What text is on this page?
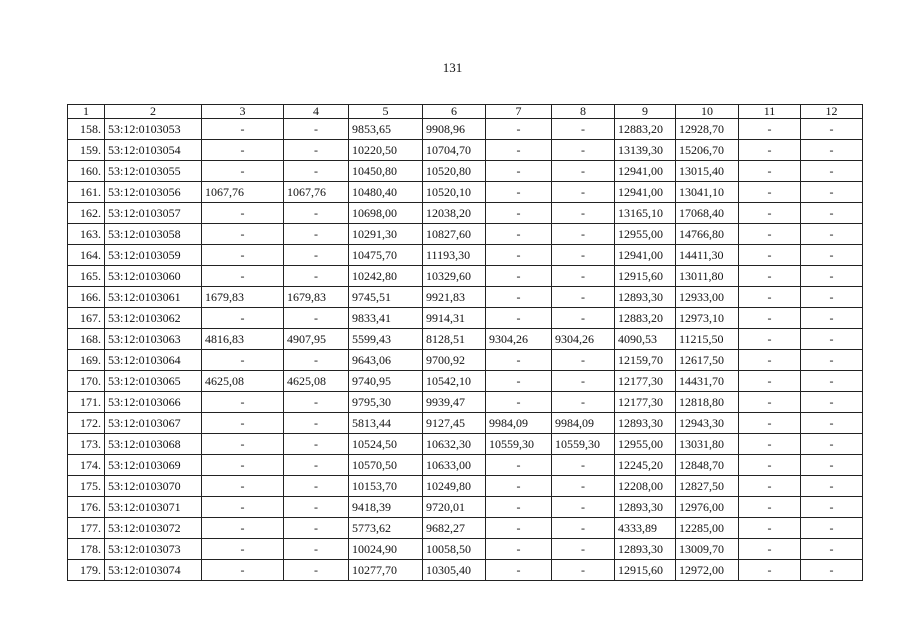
131
1	2	3	4	5	6	7	8	9	10	11	12
158.	53:12:0103053	-	-	9853,65	9908,96	-	-	12883,20	12928,70	-	-
159.	53:12:0103054	-	-	10220,50	10704,70	-	-	13139,30	15206,70	-	-
160.	53:12:0103055	-	-	10450,80	10520,80	-	-	12941,00	13015,40	-	-
161.	53:12:0103056	1067,76	1067,76	10480,40	10520,10	-	-	12941,00	13041,10	-	-
162.	53:12:0103057	-	-	10698,00	12038,20	-	-	13165,10	17068,40	-	-
163.	53:12:0103058	-	-	10291,30	10827,60	-	-	12955,00	14766,80	-	-
164.	53:12:0103059	-	-	10475,70	11193,30	-	-	12941,00	14411,30	-	-
165.	53:12:0103060	-	-	10242,80	10329,60	-	-	12915,60	13011,80	-	-
166.	53:12:0103061	1679,83	1679,83	9745,51	9921,83	-	-	12893,30	12933,00	-	-
167.	53:12:0103062	-	-	9833,41	9914,31	-	-	12883,20	12973,10	-	-
168.	53:12:0103063	4816,83	4907,95	5599,43	8128,51	9304,26	9304,26	4090,53	11215,50	-	-
169.	53:12:0103064	-	-	9643,06	9700,92	-	-	12159,70	12617,50	-	-
170.	53:12:0103065	4625,08	4625,08	9740,95	10542,10	-	-	12177,30	14431,70	-	-
171.	53:12:0103066	-	-	9795,30	9939,47	-	-	12177,30	12818,80	-	-
172.	53:12:0103067	-	-	5813,44	9127,45	9984,09	9984,09	12893,30	12943,30	-	-
173.	53:12:0103068	-	-	10524,50	10632,30	10559,30	10559,30	12955,00	13031,80	-	-
174.	53:12:0103069	-	-	10570,50	10633,00	-	-	12245,20	12848,70	-	-
175.	53:12:0103070	-	-	10153,70	10249,80	-	-	12208,00	12827,50	-	-
176.	53:12:0103071	-	-	9418,39	9720,01	-	-	12893,30	12976,00	-	-
177.	53:12:0103072	-	-	5773,62	9682,27	-	-	4333,89	12285,00	-	-
178.	53:12:0103073	-	-	10024,90	10058,50	-	-	12893,30	13009,70	-	-
179.	53:12:0103074	-	-	10277,70	10305,40	-	-	12915,60	12972,00	-	-
